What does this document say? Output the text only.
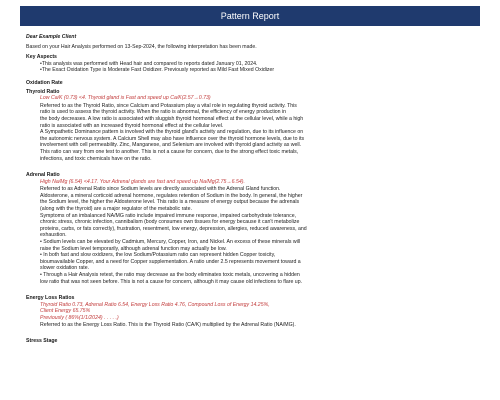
Pattern Report
Dear Example Client
Based on your Hair Analysis performed on 13-Sep-2024, the following interpretation has been made.
Key Aspects
•This analysis was performed with Head hair and compared to reports dated January 01, 2024.
•The Exact Oxidation Type is Moderate Fast Oxidizer. Previously reported as Mild Fast Mixed Oxidizer
Oxidation Rate
Thyroid Ratio
Low Ca/K (0.73) <4. Thyroid gland is Fast and speed up Ca/K(2.57→0.73)
Referred to as the Thyroid Ratio, since Calcium and Potassium play a vital role in regulating thyroid activity. This
ratio is used to assess the thyroid activity. When the ratio is abnormal, the efficiency of energy production in
the body decreases. A low ratio is associated with sluggish thyroid hormonal effect at the cellular level, while a high
ratio is associated with an increased thyroid hormonal effect at the cellular level.
A Sympathetic Dominance pattern is involved with the thyroid gland's activity and regulation, due to its influence on
the autonomic nervous system. A Calcium Shell may also have influence over the thyroid hormone levels, due to its
involvement with cell permeability. Zinc, Manganese, and Selenium are involved with thyroid gland activity as well.
This ratio can vary from one test to another. This is not a cause for concern, due to the strong effect toxic metals,
infections, and toxic chemicals have on the ratio.
Adrenal Ratio
High Na/Mg (6.54) <4.17. Your Adrenal glands are fast and speed up Na/Mg(2.75→6.54).
Referred to as Adrenal Ratio since Sodium levels are directly associated with the Adrenal Gland function.
Aldosterone, a mineral corticoid adrenal hormone, regulates retention of Sodium in the body. In general, the higher
the Sodium level, the higher the Aldosterone level. This ratio is a measure of energy output because the adrenals
(along with the thyroid) are a major regulator of the metabolic rate.
Symptoms of an imbalanced NA/MG ratio include impaired immune response, impaired carbohydrate tolerance,
chronic stress, chronic infection, cannibalism (body consumes own tissues for energy because it can't metabolize
proteins, carbs, or fats correctly), frustration, resentment, low energy, depression, allergies, reduced awareness, and
exhaustion.
• Sodium levels can be elevated by Cadmium, Mercury, Copper, Iron, and Nickel. An excess of these minerals will
raise the Sodium level temporarily, although adrenal function may actually be low.
• In both fast and slow oxidizers, the low Sodium/Potassium ratio can represent hidden Copper toxicity,
bioumavailable Copper, and a need for Copper supplementation. A ratio under 2.5 represents movement toward a
slower oxidation rate.
• Through a Hair Analysis retest, the ratio may decrease as the body eliminates toxic metals, uncovering a hidden
low ratio that was not seen before. This is not a cause for concern, although it may cause old infections to flare up.
Energy Loss Ratios
Thyroid Ratio 0.73, Adrenal Ratio 6.54, Energy Loss Ratio 4.76, Compound Loss of Energy 14.25%,
Client Energy 65.75%
Previously ( 86%(1/1/2024) . . . . .)
Referred to as the Energy Loss Ratio. This is the Thyroid Ratio (CA/K) multiplied by the Adrenal Ratio (NA/MG).
Stress Stage
